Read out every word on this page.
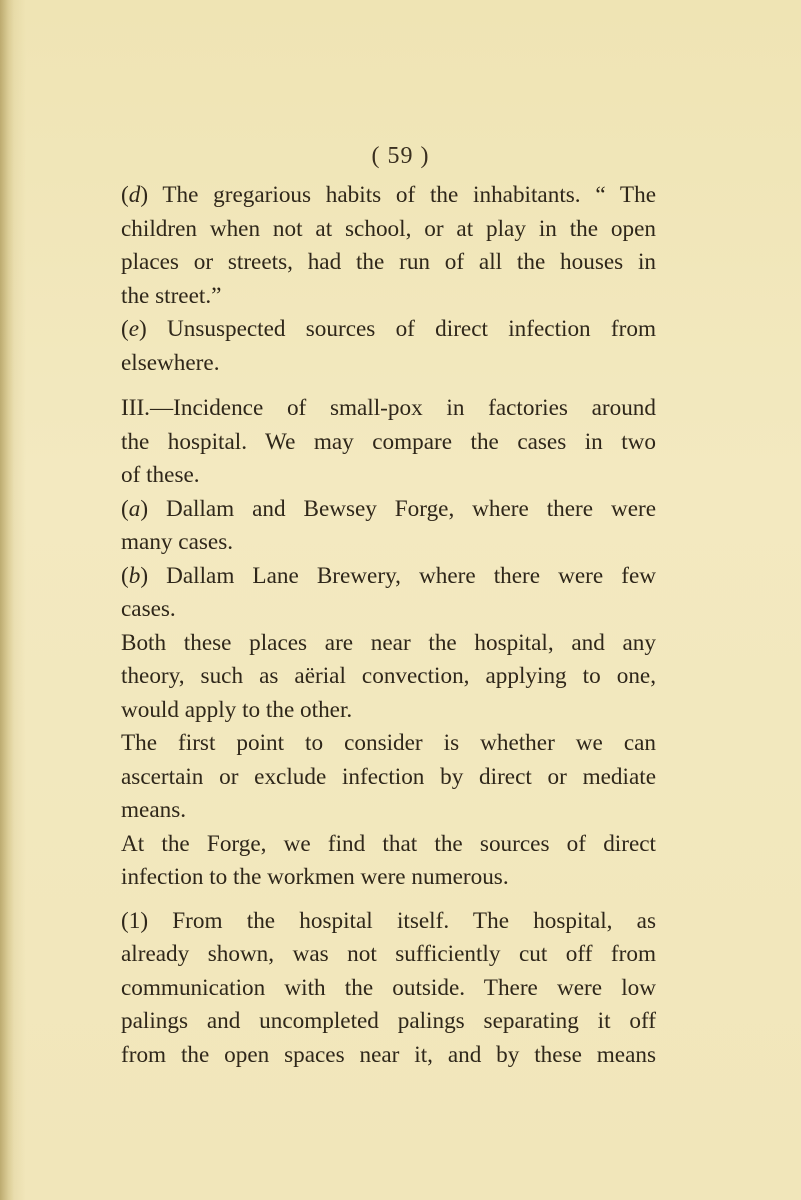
( 59 )
(d) The gregarious habits of the inhabitants. “ The
children when not at school, or at play in the open
places or streets, had the run of all the houses in
the street.”
(e) Unsuspected sources of direct infection from
elsewhere.
III.—Incidence of small-pox in factories around
the hospital. We may compare the cases in two
of these.
(a) Dallam and Bewsey Forge, where there were
many cases.
(b) Dallam Lane Brewery, where there were few
cases.
Both these places are near the hospital, and any
theory, such as aërial convection, applying to one,
would apply to the other.
The first point to consider is whether we can
ascertain or exclude infection by direct or mediate
means.
At the Forge, we find that the sources of direct
infection to the workmen were numerous.
(1) From the hospital itself. The hospital, as
already shown, was not sufficiently cut off from
communication with the outside. There were low
palings and uncompleted palings separating it off
from the open spaces near it, and by these means
